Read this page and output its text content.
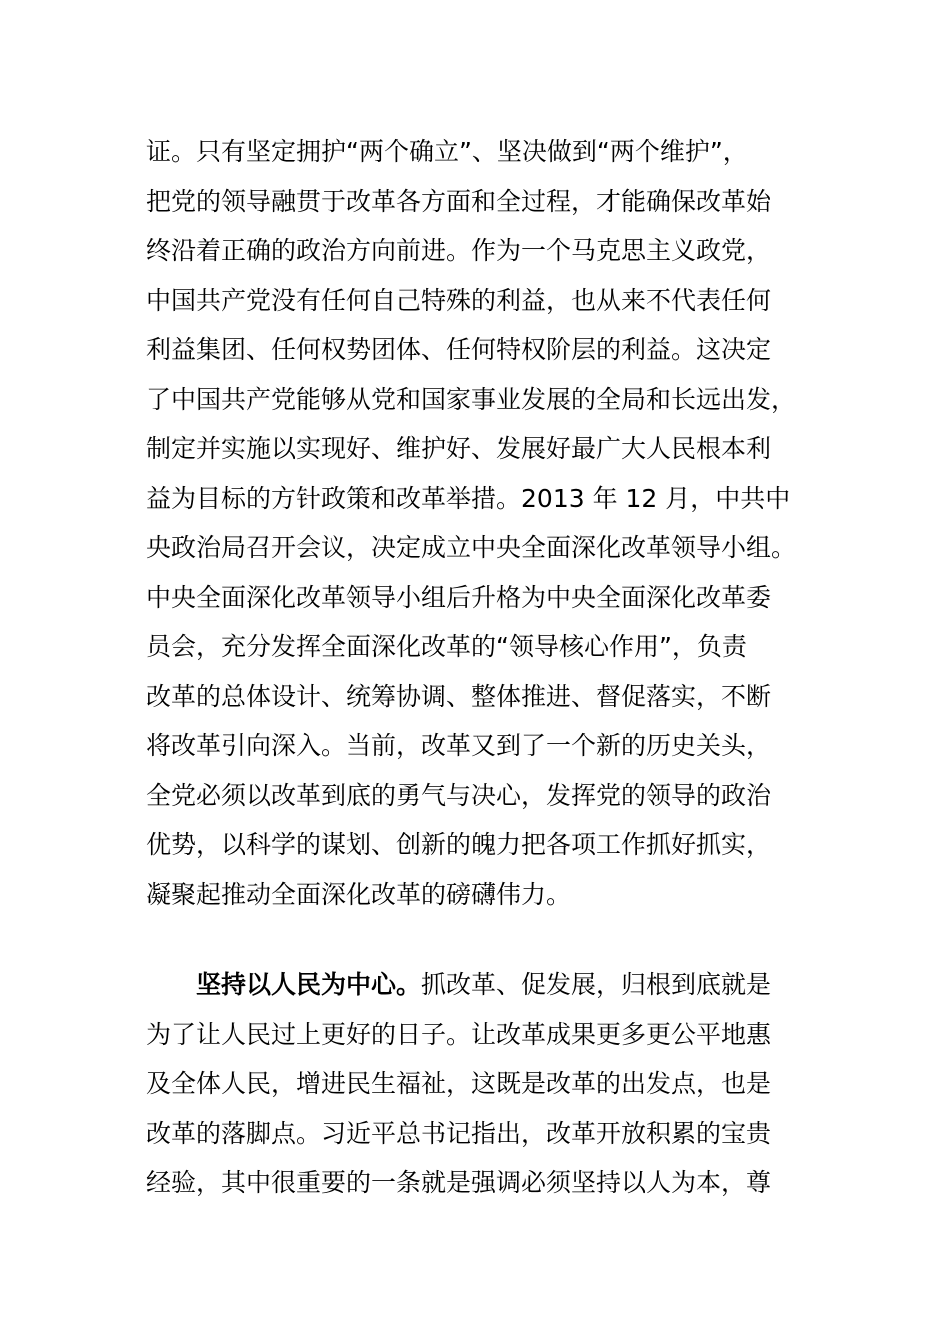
证。只有坚定拥护“两个确立”、坚决做到“两个维护”，
把党的领导融贯于改革各方面和全过程，才能确保改革始
终沿着正确的政治方向前进。作为一个马克思主义政党，
中国共产党没有任何自己特殊的利益，也从来不代表任何
利益集团、任何权势团体、任何特权阶层的利益。这决定
了中国共产党能够从党和国家事业发展的全局和长远出发，
制定并实施以实现好、维护好、发展好最广大人民根本利
益为目标的方针政策和改革举措。2013 年 12 月，中共中
央政治局召开会议，决定成立中央全面深化改革领导小组。
中央全面深化改革领导小组后升格为中央全面深化改革委
员会，充分发挥全面深化改革的“领导核心作用”，负责
改革的总体设计、统筹协调、整体推进、督促落实，不断
将改革引向深入。当前，改革又到了一个新的历史关头，
全党必须以改革到底的勇气与决心，发挥党的领导的政治
优势，以科学的谋划、创新的魄力把各项工作抓好抓实，
凝聚起推动全面深化改革的磅礴伟力。
坚持以人民为中心。抓改革、促发展，归根到底就是
为了让人民过上更好的日子。让改革成果更多更公平地惠
及全体人民，增进民生福祉，这既是改革的出发点，也是
改革的落脚点。习近平总书记指出，改革开放积累的宝贵
经验，其中很重要的一条就是强调必须坚持以人为本，尊
